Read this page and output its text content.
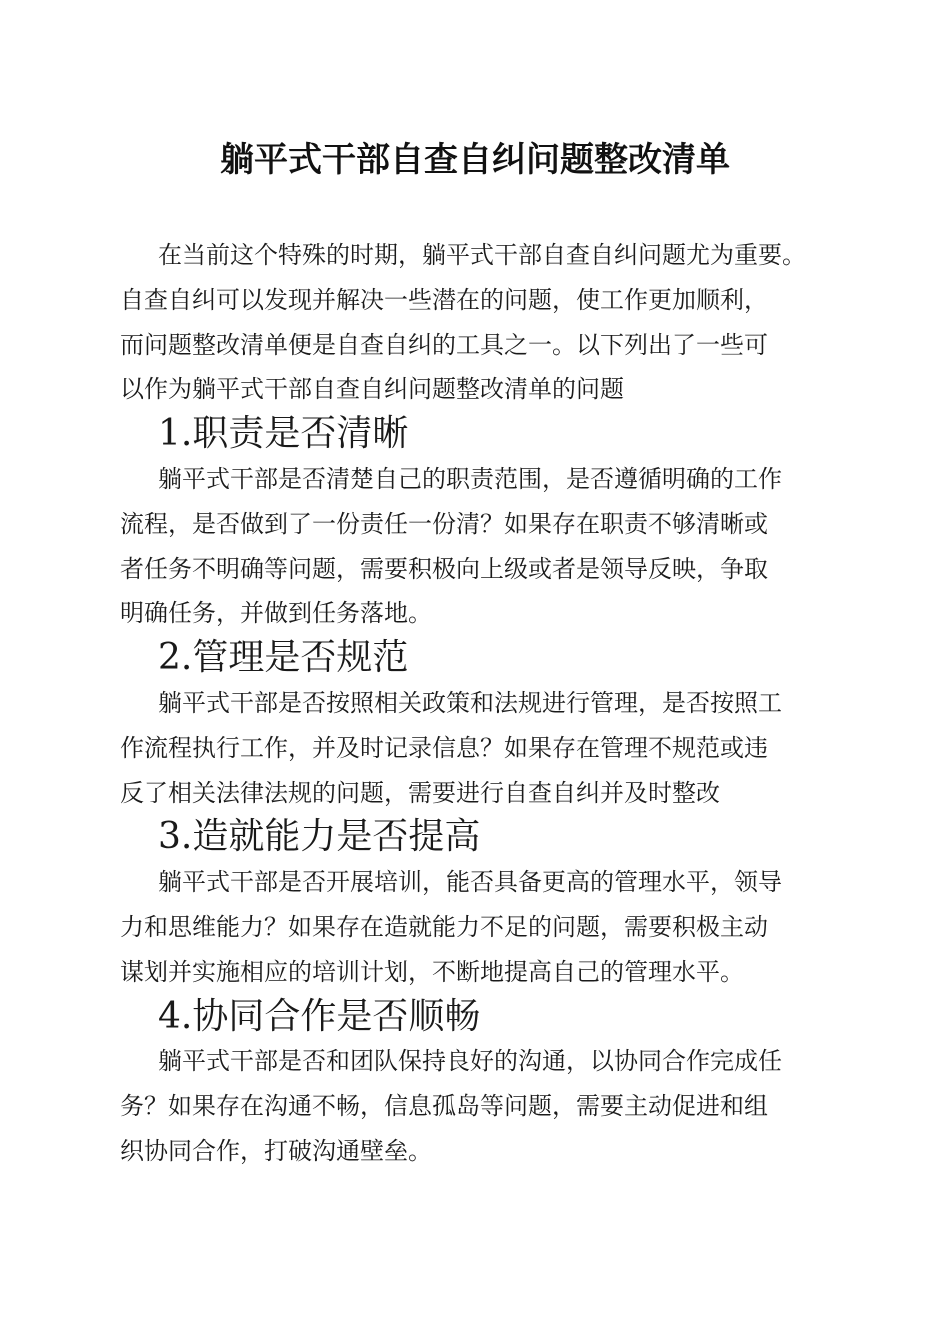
躺平式干部自查自纠问题整改清单

在当前这个特殊的时期，躺平式干部自查自纠问题尤为重要。
自查自纠可以发现并解决一些潜在的问题，使工作更加顺利，
而问题整改清单便是自查自纠的工具之一。以下列出了一些可
以作为躺平式干部自查自纠问题整改清单的问题

1.职责是否清晰

躺平式干部是否清楚自己的职责范围，是否遵循明确的工作
流程，是否做到了一份责任一份清？如果存在职责不够清晰或
者任务不明确等问题，需要积极向上级或者是领导反映，争取
明确任务，并做到任务落地。

2.管理是否规范

躺平式干部是否按照相关政策和法规进行管理，是否按照工
作流程执行工作，并及时记录信息？如果存在管理不规范或违
反了相关法律法规的问题，需要进行自查自纠并及时整改

3.造就能力是否提高

躺平式干部是否开展培训，能否具备更高的管理水平，领导
力和思维能力？如果存在造就能力不足的问题，需要积极主动
谋划并实施相应的培训计划，不断地提高自己的管理水平。

4.协同合作是否顺畅

躺平式干部是否和团队保持良好的沟通，以协同合作完成任
务？如果存在沟通不畅，信息孤岛等问题，需要主动促进和组
织协同合作，打破沟通壁垒。
